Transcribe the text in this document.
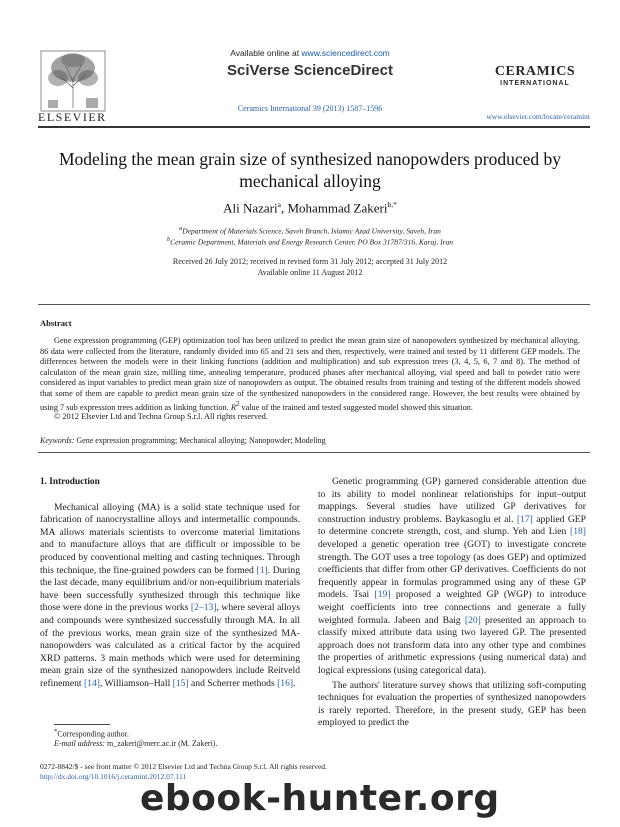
ELSEVIER
Available online at www.sciencedirect.com
SciVerse ScienceDirect
Ceramics International 39 (2013) 1587–1596
CERAMICS
INTERNATIONAL
www.elsevier.com/locate/ceramint
Modeling the mean grain size of synthesized nanopowders produced by mechanical alloying
Ali Nazari$^a$, Mohammad Zakeri$^{b,*}$
$^a$Department of Materials Science, Saveh Branch, Islamic Azad University, Saveh, Iran
$^b$Ceramic Department, Materials and Energy Research Center, PO Box 31787/316, Karaj, Iran
Received 26 July 2012; received in revised form 31 July 2012; accepted 31 July 2012
Available online 11 August 2012
Abstract
Gene expression programming (GEP) optimization tool has been utilized to predict the mean grain size of nanopowders synthesized by mechanical alloying. 86 data were collected from the literature, randomly divided into 65 and 21 sets and then, respectively, were trained and tested by 11 different GEP models. The differences between the models were in their linking functions (addition and multiplication) and sub expression trees (3, 4, 5, 6, 7 and 8). The method of calculation of the mean grain size, milling time, annealing temperature, produced phases after mechanical alloying, vial speed and ball to powder ratio were considered as input variables to predict mean grain size of nanopowders as output. The obtained results from training and testing of the different models showed that some of them are capable to predict mean grain size of the synthesized nanopowders in the considered range. However, the best results were obtained by using 7 sub expression trees addition as linking function. $R^2$ value of the trained and tested suggested model showed this situation.
© 2012 Elsevier Ltd and Techna Group S.r.l. All rights reserved.
Keywords: Gene expression programming; Mechanical alloying; Nanopowder; Modeling
1. Introduction
Mechanical alloying (MA) is a solid state technique used for fabrication of nanocrystalline alloys and intermetallic compounds. MA allows materials scientists to overcome material limitations and to manufacture alloys that are difficult or impossible to be produced by conventional melting and casting techniques. Through this technique, the fine-grained powders can be formed [1]. During the last decade, many equilibrium and/or non-equilibrium materials have been successfully synthesized through this technique like those were done in the previous works [2–13], where several alloys and compounds were synthesized successfully through MA. In all of the previous works, mean grain size of the synthesized MA-nanopowders was calculated as a critical factor by the acquired XRD patterns. 3 main methods which were used for determining mean grain size of the synthesized nanopowders include Reitveld refinement [14], Williamson–Hall [15] and Scherrer methods [16].
Genetic programming (GP) garnered considerable attention due to its ability to model nonlinear relationships for input–output mappings. Several studies have utilized GP derivatives for construction industry problems. Baykasoglu et al. [17] applied GEP to determine concrete strength, cost, and slump. Yeh and Lien [18] developed a genetic operation tree (GOT) to investigate concrete strength. The GOT uses a tree topology (as does GEP) and optimized coefficients that differ from other GP derivatives. Coefficients do not frequently appear in formulas programmed using any of these GP models. Tsai [19] proposed a weighted GP (WGP) to introduce weight coefficients into tree connections and generate a fully weighted formula. Jabeen and Baig [20] presented an approach to classify mixed attribute data using two layered GP. The presented approach does not transform data into any other type and combines the properties of arithmetic expressions (using numerical data) and logical expressions (using categorical data).
The authors' literature survey shows that utilizing soft-computing techniques for evaluation the properties of synthesized nanopowders is rarely reported. Therefore, in the present study, GEP has been employed to predict the
*Corresponding author.
E-mail address: m_zakeri@merc.ac.ir (M. Zakeri).
0272-8842/$ - see front matter © 2012 Elsevier Ltd and Techna Group S.r.l. All rights reserved.
http://dx.doi.org/10.1016/j.ceramint.2012.07.111
ebook-hunter.org
